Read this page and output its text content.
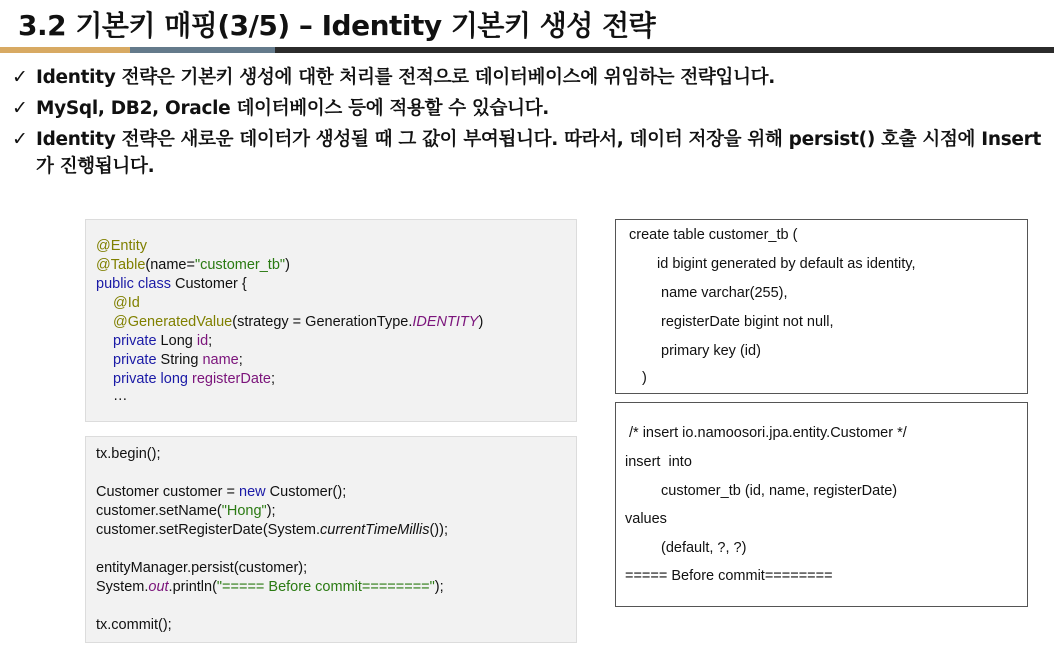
3.2 기본키 매핑(3/5) – Identity 기본키 생성 전략
✓ Identity 전략은 기본키 생성에 대한 처리를 전적으로 데이터베이스에 위임하는 전략입니다.
✓ MySql, DB2, Oracle 데이터베이스 등에 적용할 수 있습니다.
✓ Identity 전략은 새로운 데이터가 생성될 때 그 값이 부여됩니다. 따라서, 데이터 저장을 위해 persist() 호출 시점에 Insert가 진행됩니다.
@Entity
@Table(name="customer_tb")
public class Customer {
@Id
@GeneratedValue(strategy = GenerationType.IDENTITY)
private Long id;
private String name;
private long registerDate;
…
tx.begin();
Customer customer = new Customer();
customer.setName("Hong");
customer.setRegisterDate(System.currentTimeMillis());
entityManager.persist(customer);
System.out.println("===== Before commit========");
tx.commit();
create table customer_tb (
id bigint generated by default as identity,
name varchar(255),
registerDate bigint not null,
primary key (id)
)
/* insert io.namoosori.jpa.entity.Customer */
insert  into
customer_tb (id, name, registerDate)
values
(default, ?, ?)
===== Before commit========
